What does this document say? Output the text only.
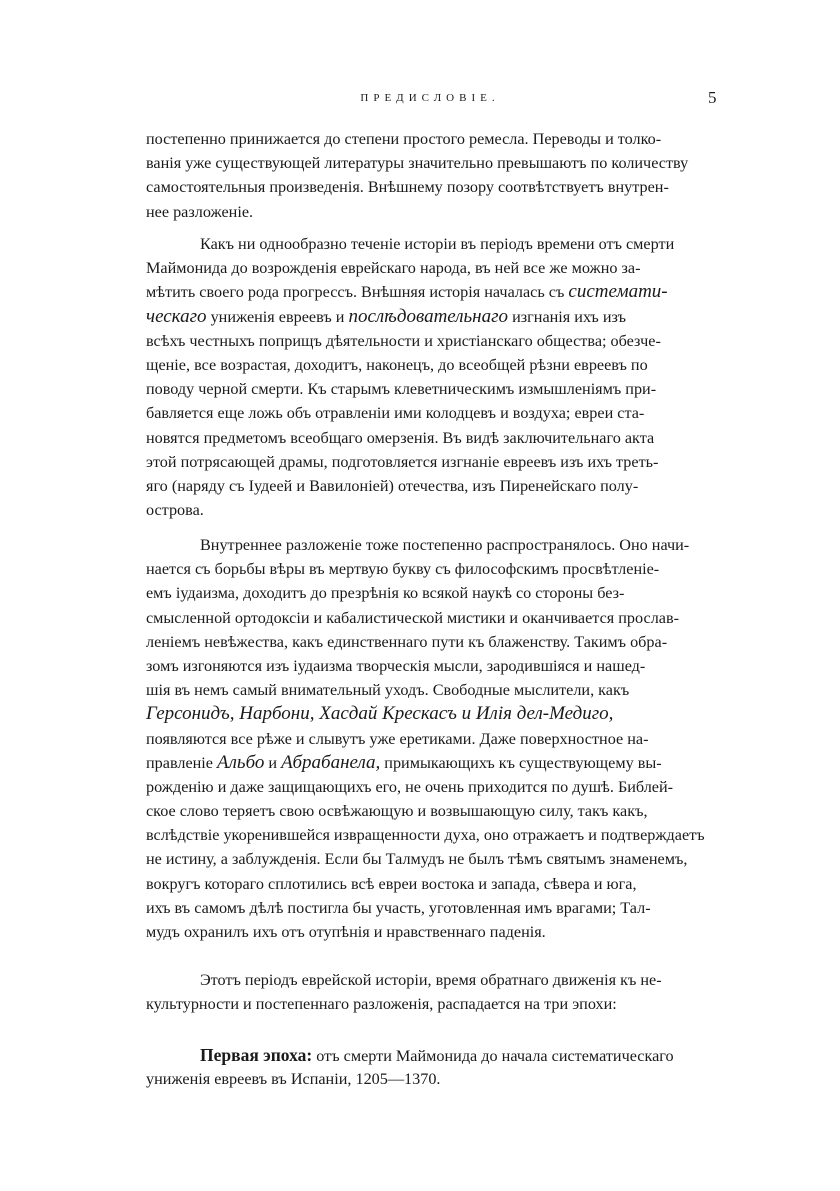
ПРЕДИСЛОВІЕ.	5
постепенно принижается до степени простого ремесла. Переводы и толко-
ванія уже существующей литературы значительно превышаютъ по количеству
самостоятельныя произведенія. Внѣшнему позору соотвѣтствуетъ внутрен-
нее разложеніе.
Какъ ни однообразно теченіе исторіи въ періодъ времени отъ смерти
Маймонида до возрожденія еврейскаго народа, въ ней все же можно за-
мѣтить своего рода прогрессъ. Внѣшняя исторія началась съ системати-
ческаго униженія евреевъ и послѣдовательнаго изгнанія ихъ изъ
всѣхъ честныхъ поприщъ дѣятельности и христіанскаго общества; обезче-
щеніе, все возрастая, доходитъ, наконецъ, до всеобщей рѣзни евреевъ по
поводу черной смерти. Къ старымъ клеветническимъ измышленіямъ при-
бавляется еще ложь объ отравленіи ими колодцевъ и воздуха; евреи ста-
новятся предметомъ всеобщаго омерзенія. Въ видѣ заключительнаго акта
этой потрясающей драмы, подготовляется изгнаніе евреевъ изъ ихъ треть-
яго (наряду съ Іудеей и Вавилоніей) отечества, изъ Пиренейскаго полу-
острова.
Внутреннее разложеніе тоже постепенно распространялось. Оно начи-
нается съ борьбы вѣры въ мертвую букву съ философскимъ просвѣтленіе-
емъ іудаизма, доходитъ до презрѣнія ко всякой наукѣ со стороны без-
смысленной ортодоксіи и кабалистической мистики и оканчивается прослав-
леніемъ невѣжества, какъ единственнаго пути къ блаженству. Такимъ обра-
зомъ изгоняются изъ іудаизма творческія мысли, зародившіяся и нашед-
шія въ немъ самый внимательный уходъ. Свободные мыслители, какъ
Герсонидъ, Нарбони, Хасдай Крескасъ и Илія дел-Медиго,
появляются все рѣже и слывутъ уже еретиками. Даже поверхностное на-
правленіе Альбо и Абрабанела, примыкающихъ къ существующему вы-
рожденію и даже защищающихъ его, не очень приходится по душѣ. Библей-
ское слово теряетъ свою освѣжающую и возвышающую силу, такъ какъ,
вслѣдствіе укоренившейся извращенности духа, оно отражаетъ и подтверждаетъ
не истину, а заблужденія. Если бы Талмудъ не былъ тѣмъ святымъ знаменемъ,
вокругъ котораго сплотились всѣ евреи востока и запада, сѣвера и юга,
ихъ въ самомъ дѣлѣ постигла бы участь, уготовленная имъ врагами; Тал-
мудъ охранилъ ихъ отъ отупѣнія и нравственнаго паденія.
Этотъ періодъ еврейской исторіи, время обратнаго движенія къ не-
культурности и постепеннаго разложенія, распадается на три эпохи:
Первая эпоха: отъ смерти Маймонида до начала систематическаго
униженія евреевъ въ Испаніи, 1205—1370.
